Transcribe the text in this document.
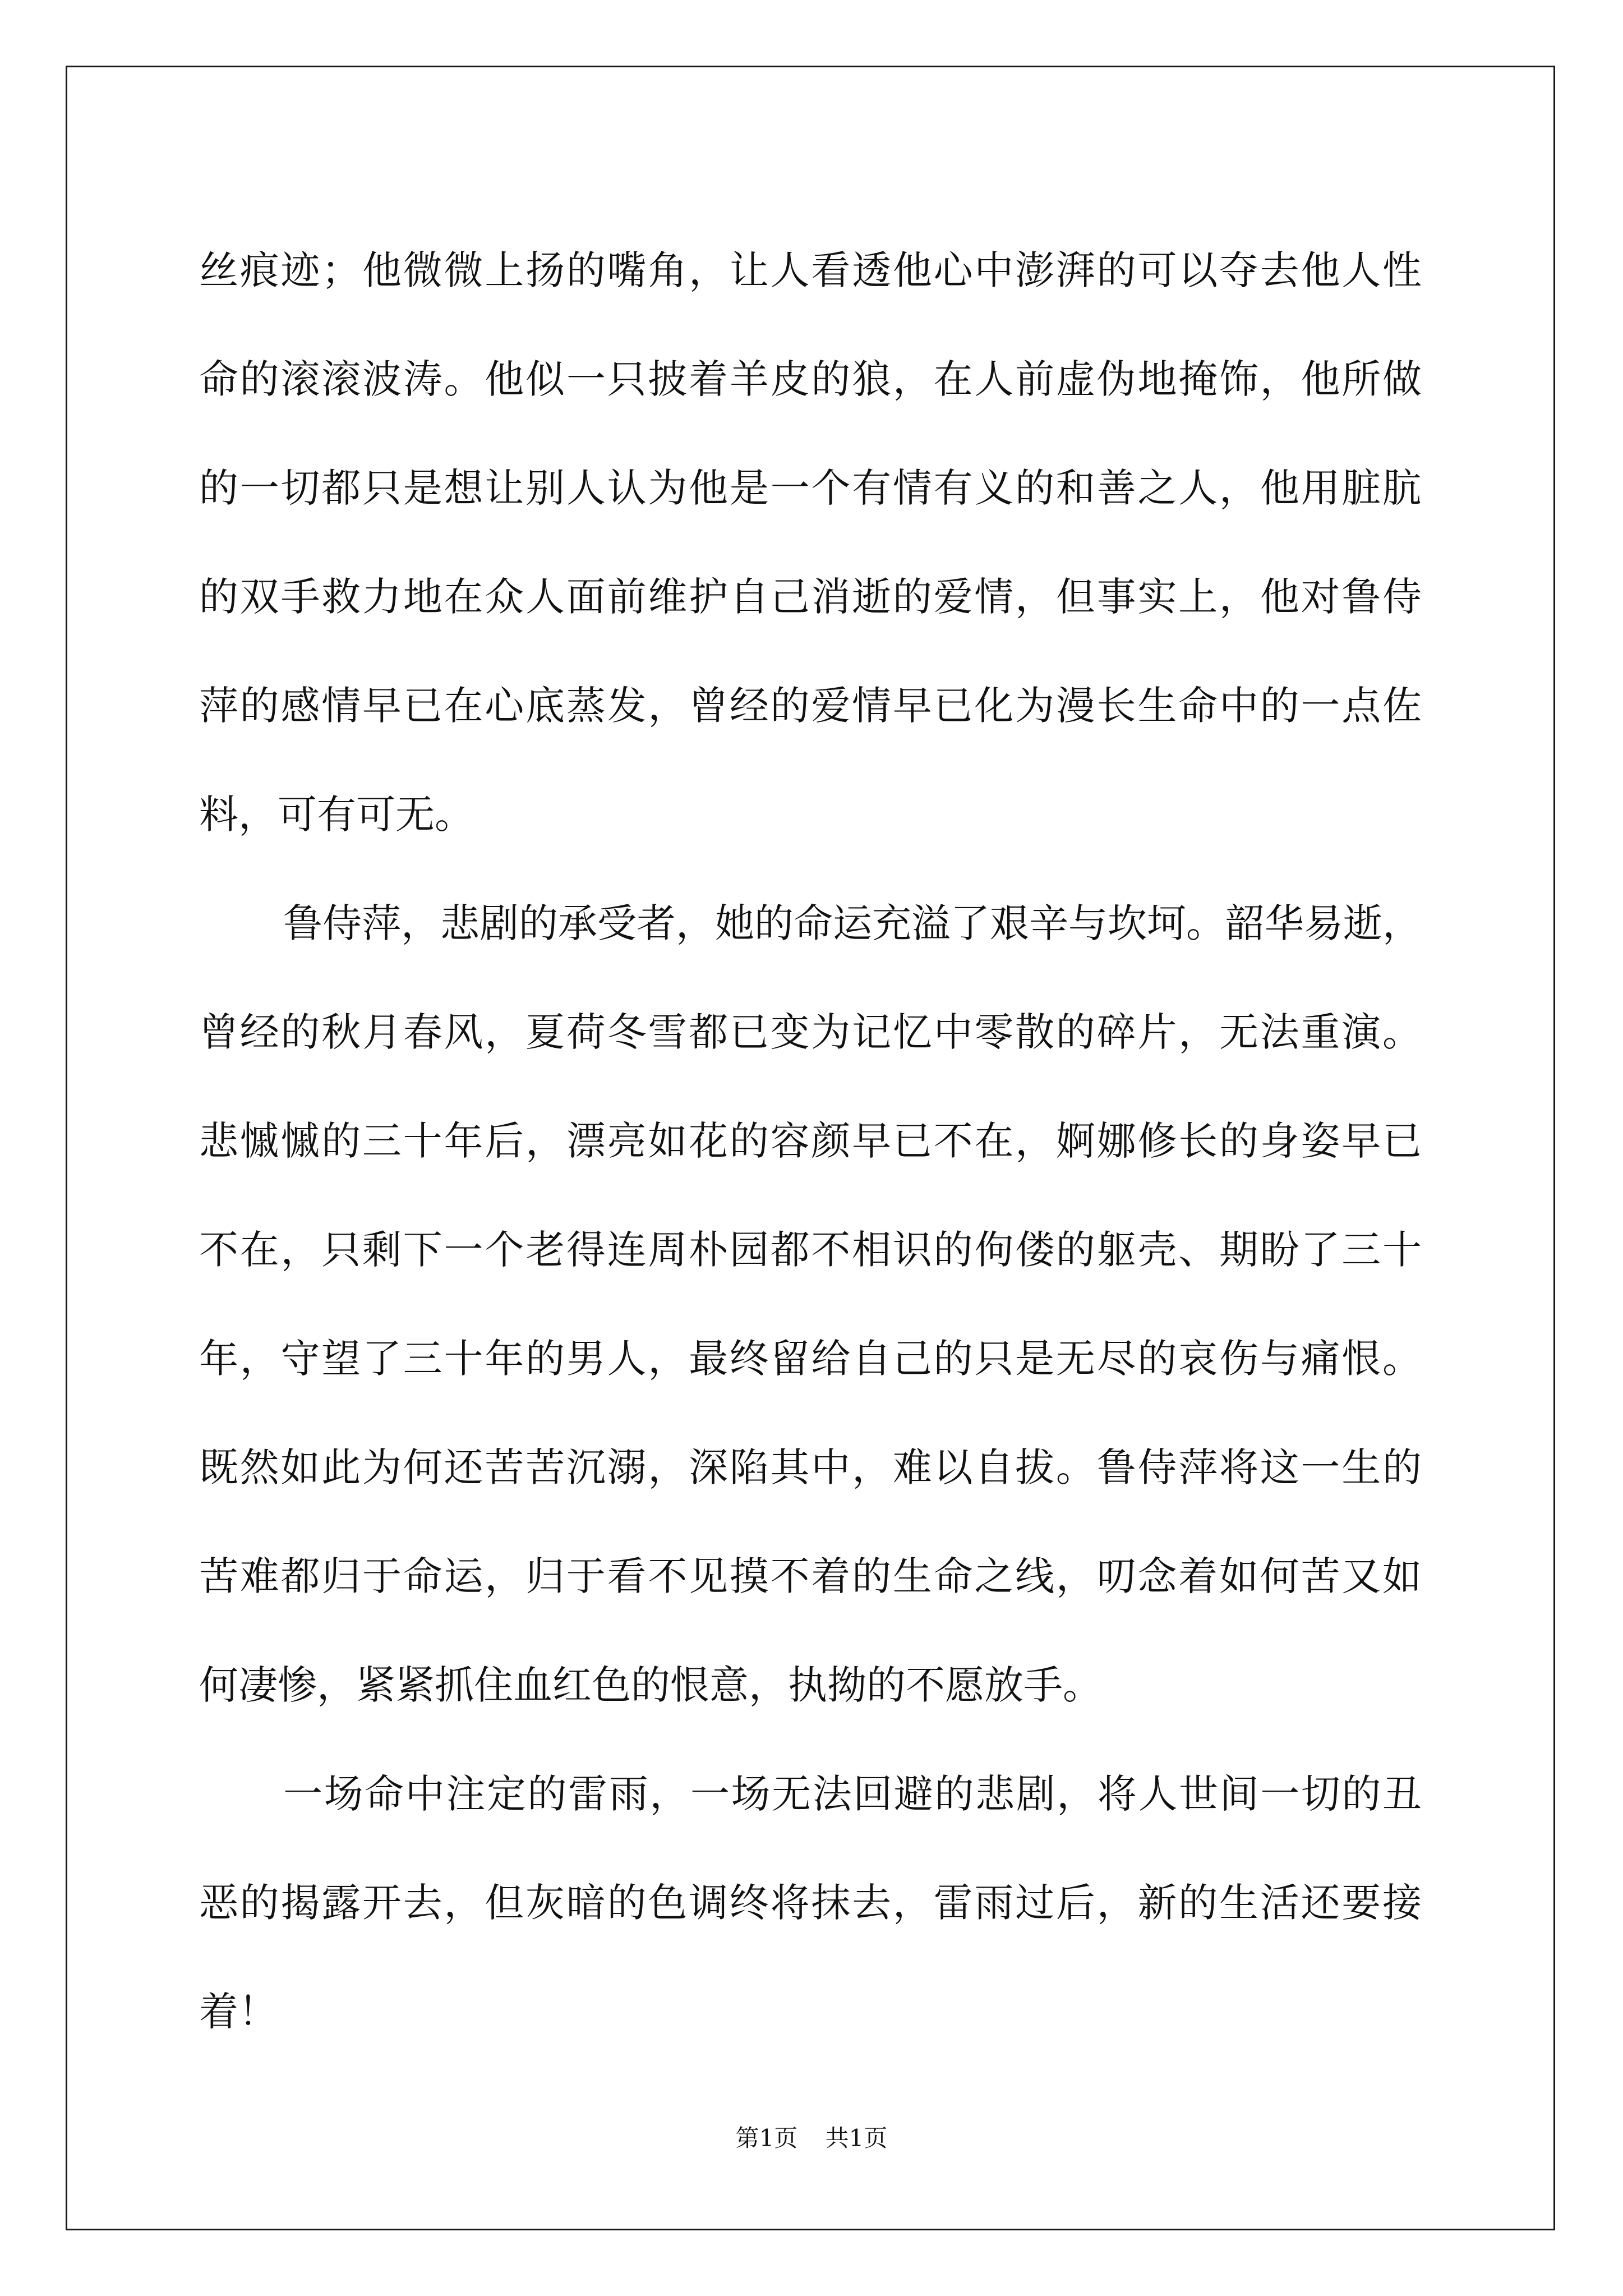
丝痕迹；他微微上扬的嘴角，让人看透他心中澎湃的可以夺去他人性
命的滚滚波涛。他似一只披着羊皮的狼，在人前虚伪地掩饰，他所做
的一切都只是想让别人认为他是一个有情有义的和善之人，他用脏肮
的双手救力地在众人面前维护自己消逝的爱情，但事实上，他对鲁侍
萍的感情早已在心底蒸发，曾经的爱情早已化为漫长生命中的一点佐
料，可有可无。
鲁侍萍，悲剧的承受者，她的命运充溢了艰辛与坎坷。韶华易逝，
曾经的秋月春风，夏荷冬雪都已变为记忆中零散的碎片，无法重演。
悲慽慽的三十年后，漂亮如花的容颜早已不在，婀娜修长的身姿早已
不在，只剩下一个老得连周朴园都不相识的佝偻的躯壳、期盼了三十
年，守望了三十年的男人，最终留给自己的只是无尽的哀伤与痛恨。
既然如此为何还苦苦沉溺，深陷其中，难以自拔。鲁侍萍将这一生的
苦难都归于命运，归于看不见摸不着的生命之线，叨念着如何苦又如
何凄惨，紧紧抓住血红色的恨意，执拗的不愿放手。
一场命中注定的雷雨，一场无法回避的悲剧，将人世间一切的丑
恶的揭露开去，但灰暗的色调终将抹去，雷雨过后，新的生活还要接
着！
第1页 共1页
